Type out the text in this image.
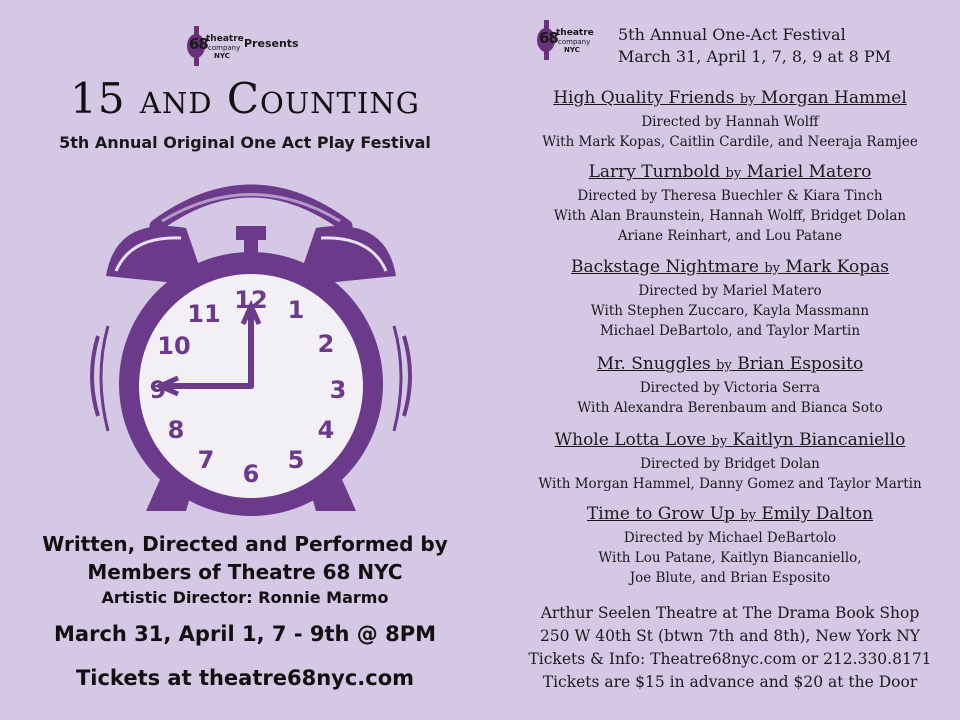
68
theatre
company
NYC
Presents
15 and Counting
5th Annual Original One Act Play Festival
12 1
2
3
4
5
6
7
8
9
10
11
Written, Directed and Performed by
Members of Theatre 68 NYC
Artistic Director: Ronnie Marmo
March 31, April 1, 7 - 9th @ 8PM
Tickets at theatre68nyc.com
68
theatre
company
NYC
5th Annual One-Act Festival
March 31, April 1, 7, 8, 9 at 8 PM
High Quality Friends by Morgan Hammel
Directed by Hannah Wolff
With Mark Kopas, Caitlin Cardile, and Neeraja Ramjee
Larry Turnbold by Mariel Matero
Directed by Theresa Buechler & Kiara Tinch
With Alan Braunstein, Hannah Wolff, Bridget Dolan
Ariane Reinhart, and Lou Patane
Backstage Nightmare by Mark Kopas
Directed by Mariel Matero
With Stephen Zuccaro, Kayla Massmann
Michael DeBartolo, and Taylor Martin
Mr. Snuggles by Brian Esposito
Directed by Victoria Serra
With Alexandra Berenbaum and Bianca Soto
Whole Lotta Love by Kaitlyn Biancaniello
Directed by Bridget Dolan
With Morgan Hammel, Danny Gomez and Taylor Martin
Time to Grow Up by Emily Dalton
Directed by Michael DeBartolo
With Lou Patane, Kaitlyn Biancaniello,
Joe Blute, and Brian Esposito
Arthur Seelen Theatre at The Drama Book Shop
250 W 40th St (btwn 7th and 8th), New York NY
Tickets & Info: Theatre68nyc.com or 212.330.8171
Tickets are $15 in advance and $20 at the Door
